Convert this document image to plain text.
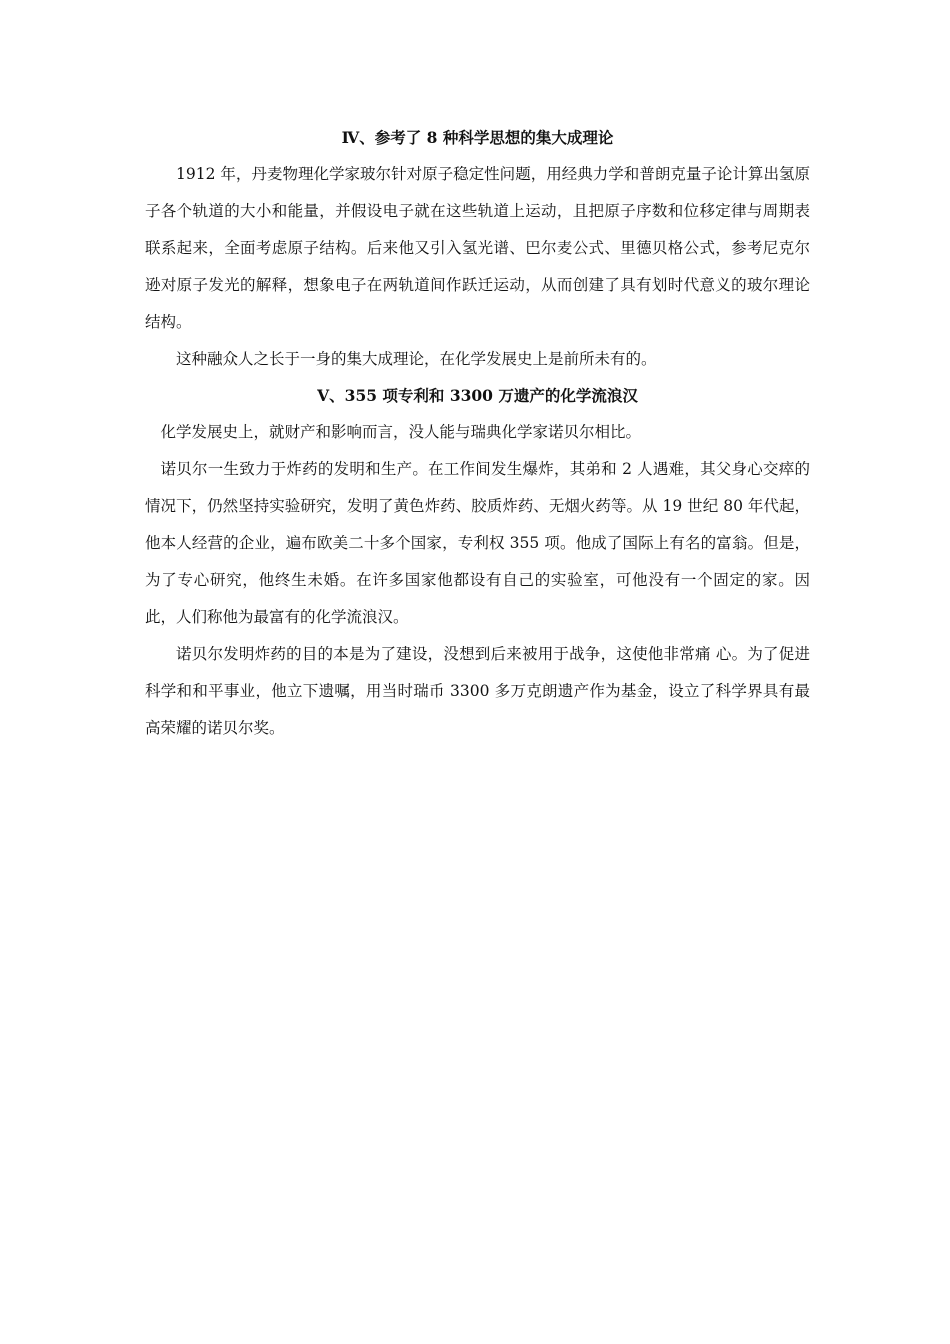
Ⅳ、参考了 8 种科学思想的集大成理论

1912 年，丹麦物理化学家玻尔针对原子稳定性问题，用经典力学和普朗克量子论计算出氢原子各个轨道的大小和能量，并假设电子就在这些轨道上运动，且把原子序数和位移定律与周期表联系起来，全面考虑原子结构。后来他又引入氢光谱、巴尔麦公式、里德贝格公式，参考尼克尔逊对原子发光的解释，想象电子在两轨道间作跃迁运动，从而创建了具有划时代意义的玻尔理论结构。

这种融众人之长于一身的集大成理论，在化学发展史上是前所未有的。

V、355 项专利和 3300 万遗产的化学流浪汉

化学发展史上，就财产和影响而言，没人能与瑞典化学家诺贝尔相比。

诺贝尔一生致力于炸药的发明和生产。在工作间发生爆炸，其弟和 2 人遇难，其父身心交瘁的情况下，仍然坚持实验研究，发明了黄色炸药、胶质炸药、无烟火药等。从 19 世纪 80 年代起，他本人经营的企业，遍布欧美二十多个国家，专利权 355 项。他成了国际上有名的富翁。但是，为了专心研究，他终生未婚。在许多国家他都设有自己的实验室，可他没有一个固定的家。因此，人们称他为最富有的化学流浪汉。

诺贝尔发明炸药的目的本是为了建设，没想到后来被用于战争，这使他非常痛 心。为了促进科学和和平事业，他立下遗嘱，用当时瑞币 3300 多万克朗遗产作为基金，设立了科学界具有最高荣耀的诺贝尔奖。
